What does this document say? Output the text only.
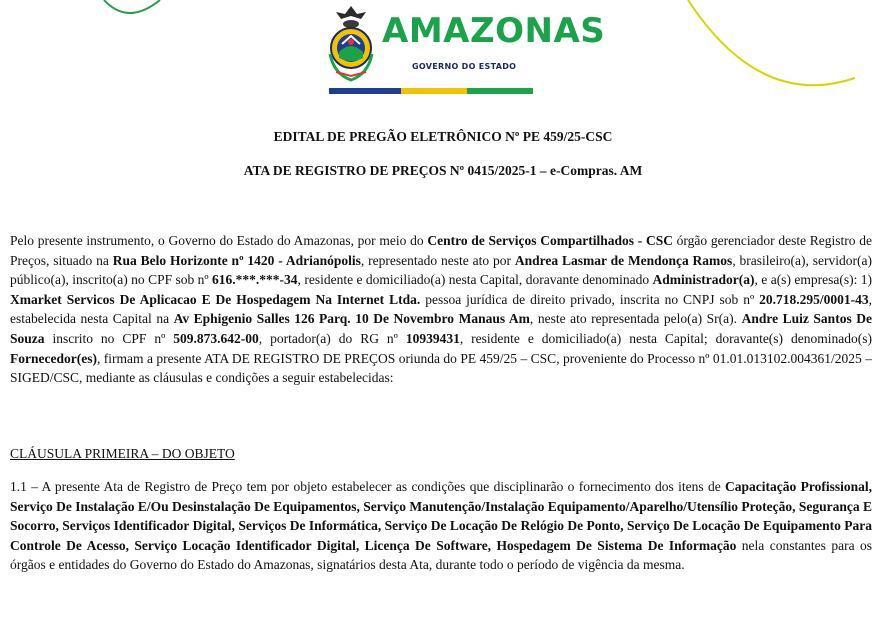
AMAZONAS
GOVERNO DO ESTADO
EDITAL DE PREGÃO ELETRÔNICO Nº PE 459/25-CSC
ATA DE REGISTRO DE PREÇOS Nº 0415/2025-1 – e-Compras. AM
Pelo presente instrumento, o Governo do Estado do Amazonas, por meio do Centro de Serviços Compartilhados - CSC órgão gerenciador deste Registro de Preços, situado na Rua Belo Horizonte nº 1420 - Adrianópolis, representado neste ato por Andrea Lasmar de Mendonça Ramos, brasileiro(a), servidor(a) público(a), inscrito(a) no CPF sob nº 616.***.***-34, residente e domiciliado(a) nesta Capital, doravante denominado Administrador(a), e a(s) empresa(s): 1) Xmarket Servicos De Aplicacao E De Hospedagem Na Internet Ltda. pessoa jurídica de direito privado, inscrita no CNPJ sob nº 20.718.295/0001-43, estabelecida nesta Capital na Av Ephigenio Salles 126 Parq. 10 De Novembro Manaus Am, neste ato representada pelo(a) Sr(a). Andre Luiz Santos De Souza inscrito no CPF nº 509.873.642-00, portador(a) do RG nº 10939431, residente e domiciliado(a) nesta Capital; doravante(s) denominado(s) Fornecedor(es), firmam a presente ATA DE REGISTRO DE PREÇOS oriunda do PE 459/25 – CSC, proveniente do Processo nº 01.01.013102.004361/2025 – SIGED/CSC, mediante as cláusulas e condições a seguir estabelecidas:
CLÁUSULA PRIMEIRA – DO OBJETO
1.1 – A presente Ata de Registro de Preço tem por objeto estabelecer as condições que disciplinarão o fornecimento dos itens de Capacitação Profissional, Serviço De Instalação E/Ou Desinstalação De Equipamentos, Serviço Manutenção/Instalação Equipamento/Aparelho/Utensílio Proteção, Segurança E Socorro, Serviços Identificador Digital, Serviços De Informática, Serviço De Locação De Relógio De Ponto, Serviço De Locação De Equipamento Para Controle De Acesso, Serviço Locação Identificador Digital, Licença De Software, Hospedagem De Sistema De Informação nela constantes para os órgãos e entidades do Governo do Estado do Amazonas, signatários desta Ata, durante todo o período de vigência da mesma.
